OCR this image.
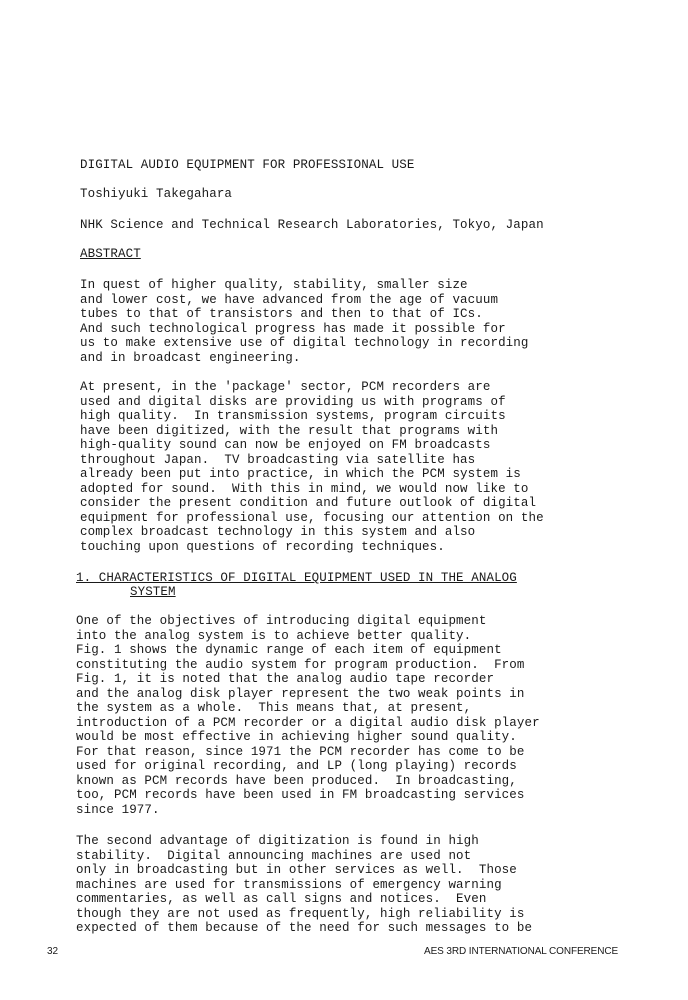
DIGITAL AUDIO EQUIPMENT FOR PROFESSIONAL USE

Toshiyuki Takegahara

NHK Science and Technical Research Laboratories, Tokyo, Japan

ABSTRACT

In quest of higher quality, stability, smaller size
and lower cost, we have advanced from the age of vacuum
tubes to that of transistors and then to that of ICs.
And such technological progress has made it possible for
us to make extensive use of digital technology in recording
and in broadcast engineering.

At present, in the 'package' sector, PCM recorders are
used and digital disks are providing us with programs of
high quality.  In transmission systems, program circuits
have been digitized, with the result that programs with
high-quality sound can now be enjoyed on FM broadcasts
throughout Japan.  TV broadcasting via satellite has
already been put into practice, in which the PCM system is
adopted for sound.  With this in mind, we would now like to
consider the present condition and future outlook of digital
equipment for professional use, focusing our attention on the
complex broadcast technology in this system and also
touching upon questions of recording techniques.

1. CHARACTERISTICS OF DIGITAL EQUIPMENT USED IN THE ANALOG

SYSTEM

One of the objectives of introducing digital equipment
into the analog system is to achieve better quality.
Fig. 1 shows the dynamic range of each item of equipment
constituting the audio system for program production.  From
Fig. 1, it is noted that the analog audio tape recorder
and the analog disk player represent the two weak points in
the system as a whole.  This means that, at present,
introduction of a PCM recorder or a digital audio disk player
would be most effective in achieving higher sound quality.
For that reason, since 1971 the PCM recorder has come to be
used for original recording, and LP (long playing) records
known as PCM records have been produced.  In broadcasting,
too, PCM records have been used in FM broadcasting services
since 1977.

The second advantage of digitization is found in high
stability.  Digital announcing machines are used not
only in broadcasting but in other services as well.  Those
machines are used for transmissions of emergency warning
commentaries, as well as call signs and notices.  Even
though they are not used as frequently, high reliability is
expected of them because of the need for such messages to be

32	AES 3RD INTERNATIONAL CONFERENCE
